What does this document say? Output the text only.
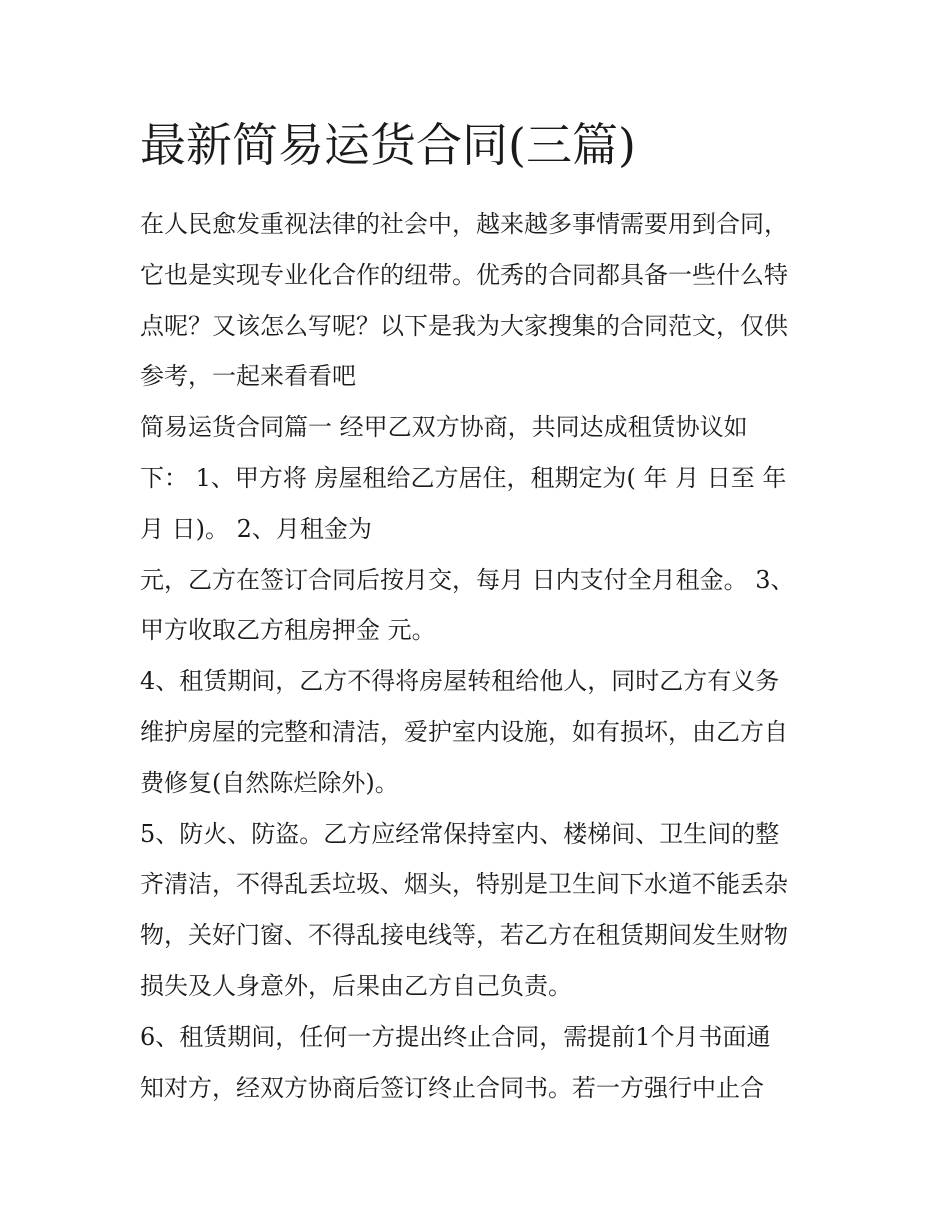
最新简易运货合同(三篇)
在人民愈发重视法律的社会中，越来越多事情需要用到合同，
它也是实现专业化合作的纽带。优秀的合同都具备一些什么特
点呢？又该怎么写呢？以下是我为大家搜集的合同范文，仅供
参考，一起来看看吧
简易运货合同篇一 经甲乙双方协商，共同达成租赁协议如
下： 1、甲方将 房屋租给乙方居住，租期定为( 年 月 日至 年
月 日)。 2、月租金为
元，乙方在签订合同后按月交，每月 日内支付全月租金。 3、
甲方收取乙方租房押金 元。
4、租赁期间，乙方不得将房屋转租给他人，同时乙方有义务
维护房屋的完整和清洁，爱护室内设施，如有损坏，由乙方自
费修复(自然陈烂除外)。
5、防火、防盗。乙方应经常保持室内、楼梯间、卫生间的整
齐清洁，不得乱丢垃圾、烟头，特别是卫生间下水道不能丢杂
物，关好门窗、不得乱接电线等，若乙方在租赁期间发生财物
损失及人身意外，后果由乙方自己负责。
6、租赁期间，任何一方提出终止合同，需提前1个月书面通
知对方，经双方协商后签订终止合同书。若一方强行中止合
